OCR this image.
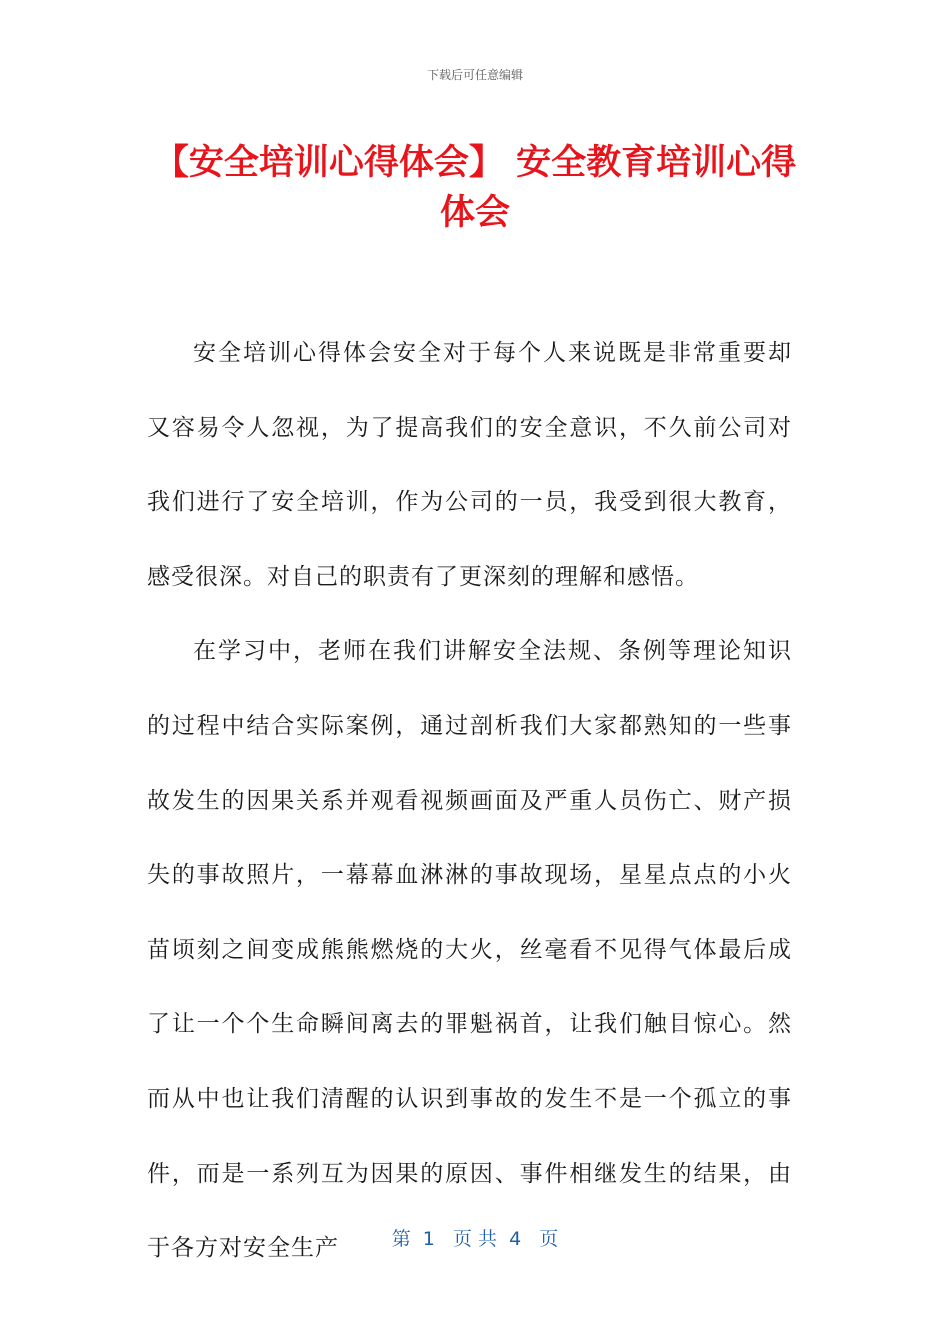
下载后可任意编辑
【安全培训心得体会】 安全教育培训心得体会

安全培训心得体会安全对于每个人来说既是非常重要却又容易令人忽视，为了提高我们的安全意识，不久前公司对我们进行了安全培训，作为公司的一员，我受到很大教育，感受很深。对自己的职责有了更深刻的理解和感悟。

在学习中，老师在我们讲解安全法规、条例等理论知识的过程中结合实际案例，通过剖析我们大家都熟知的一些事故发生的因果关系并观看视频画面及严重人员伤亡、财产损失的事故照片，一幕幕血淋淋的事故现场，星星点点的小火苗顷刻之间变成熊熊燃烧的大火，丝毫看不见得气体最后成了让一个个生命瞬间离去的罪魁祸首，让我们触目惊心。然而从中也让我们清醒的认识到事故的发生不是一个孤立的事件，而是一系列互为因果的原因、事件相继发生的结果，由于各方对安全生产	第  1   页 共  4   页
